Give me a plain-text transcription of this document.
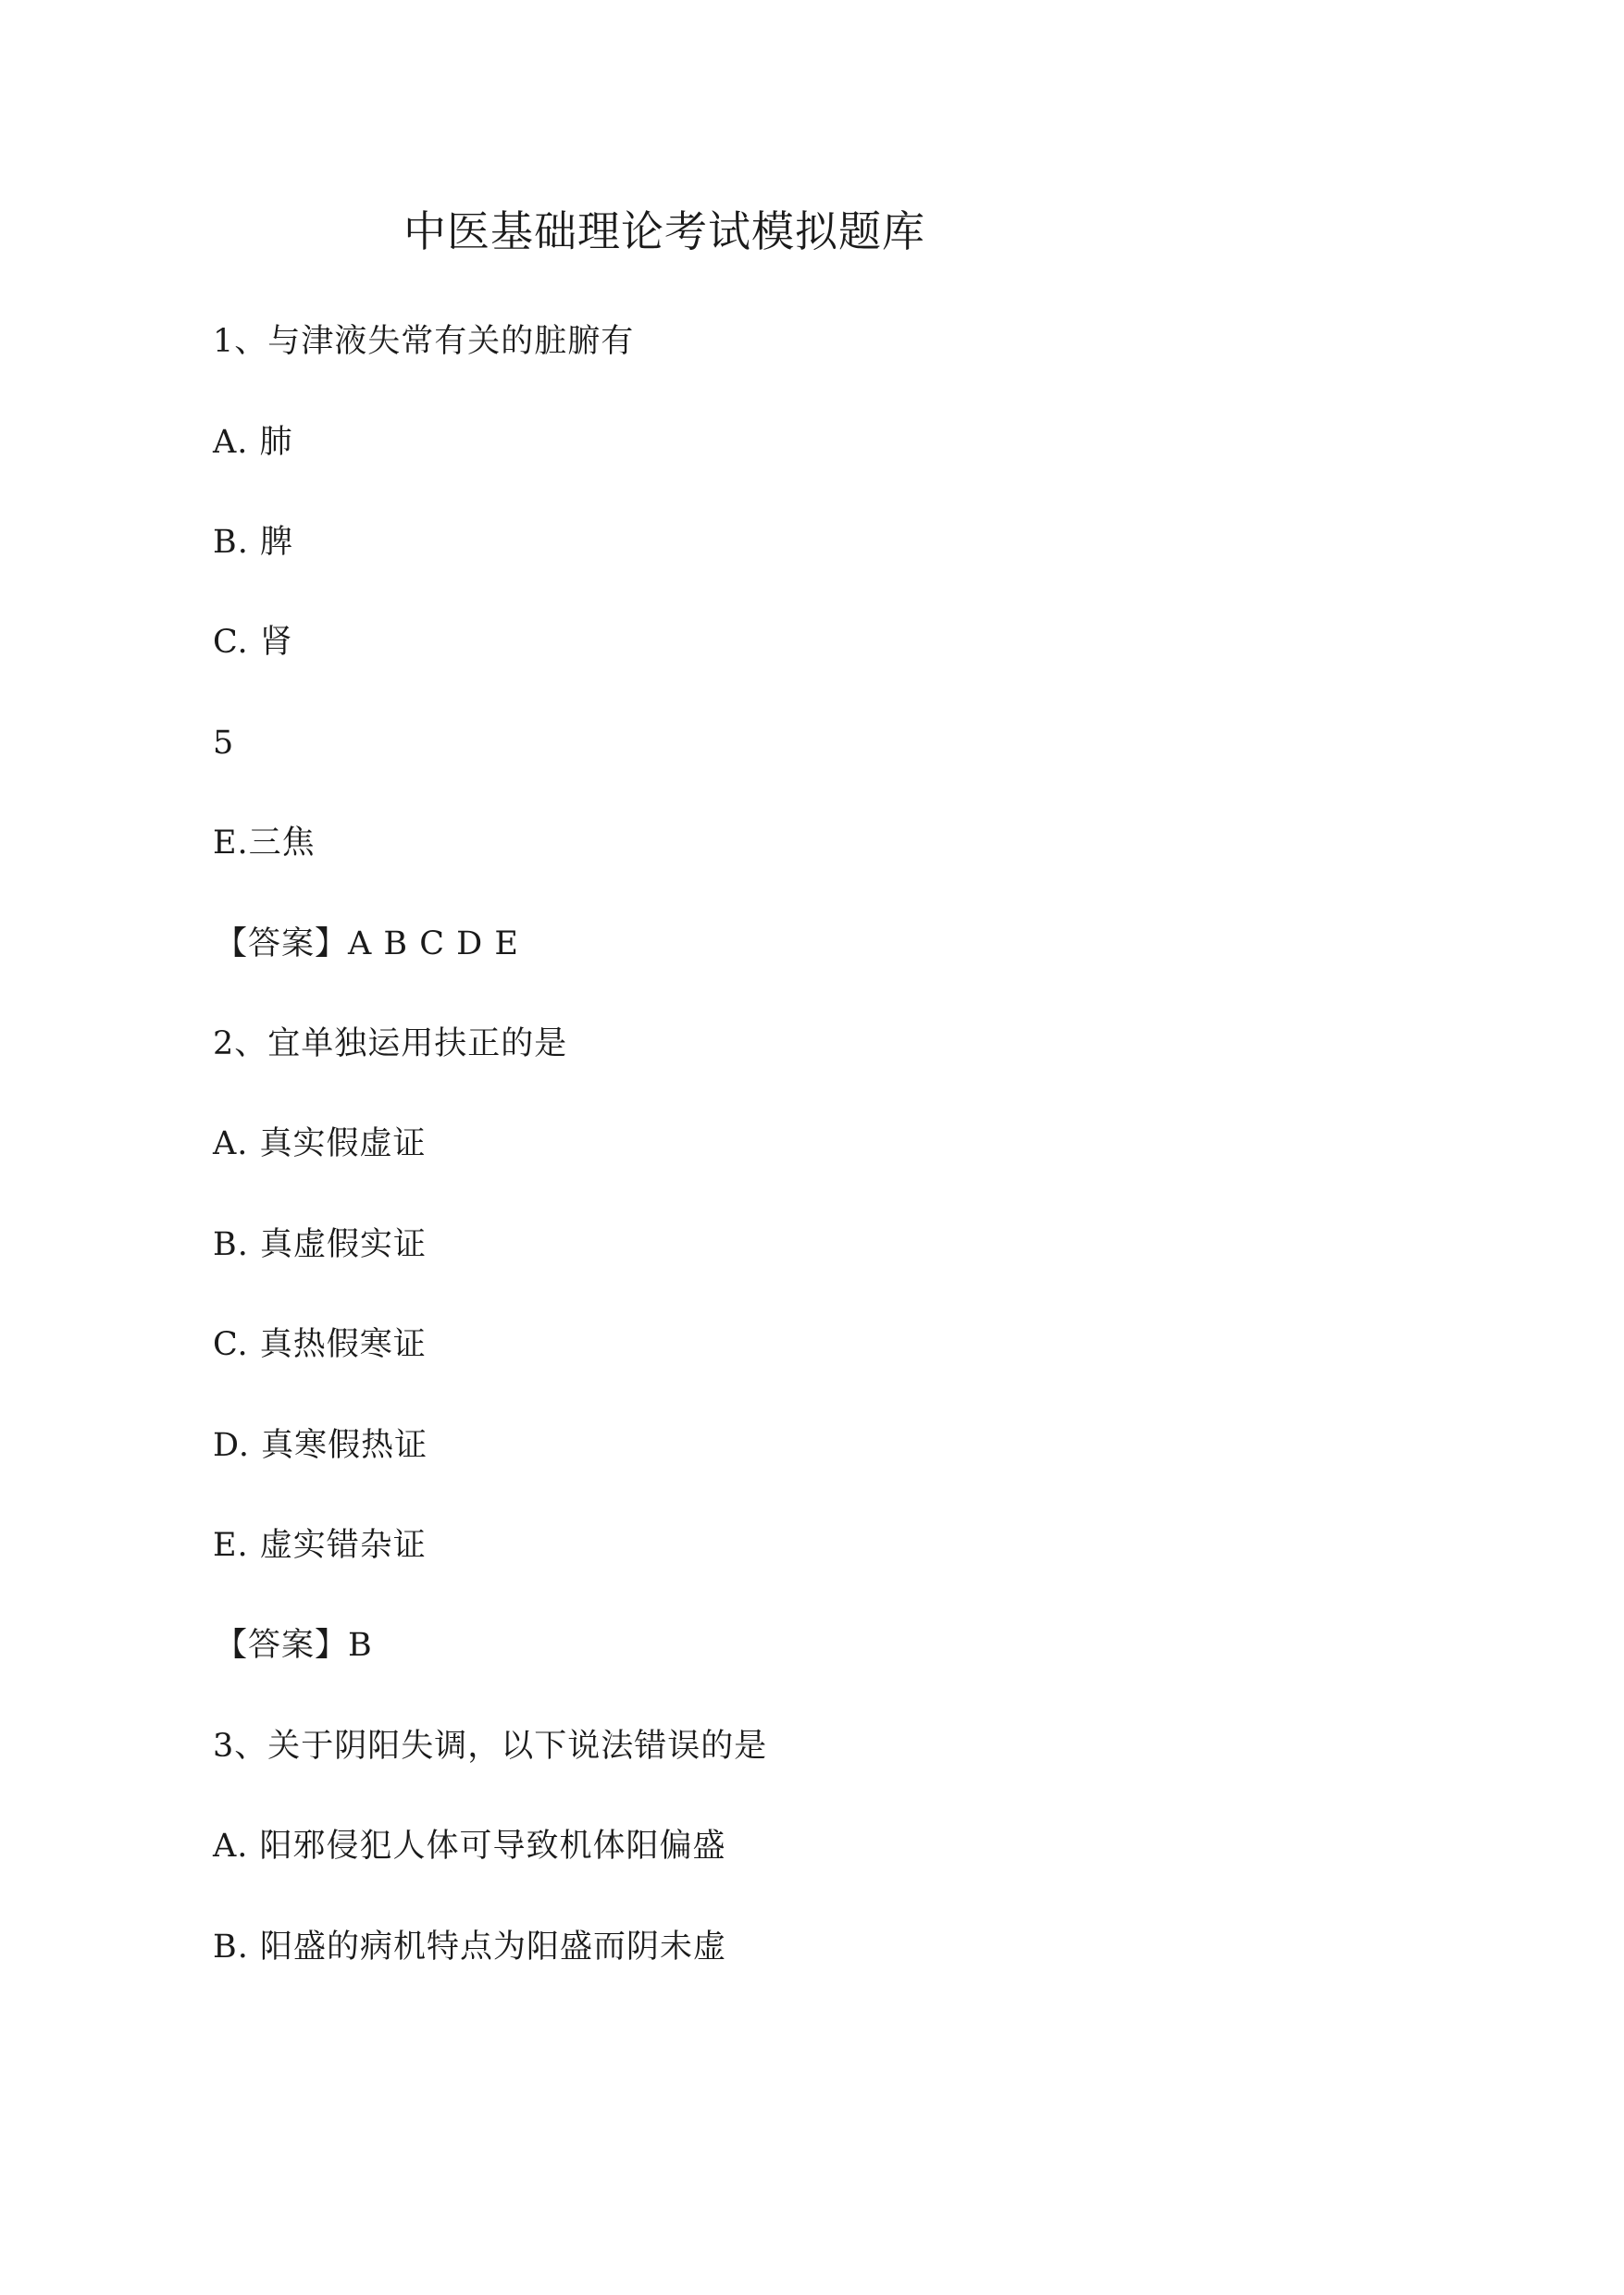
中医基础理论考试模拟题库
1、与津液失常有关的脏腑有
A. 肺
B. 脾
C. 肾
5
E.三焦
【答案】A B C D E
2、宜单独运用扶正的是
A. 真实假虚证
B. 真虚假实证
C. 真热假寒证
D. 真寒假热证
E. 虚实错杂证
【答案】B
3、关于阴阳失调，以下说法错误的是
A. 阳邪侵犯人体可导致机体阳偏盛
B. 阳盛的病机特点为阳盛而阴未虚
